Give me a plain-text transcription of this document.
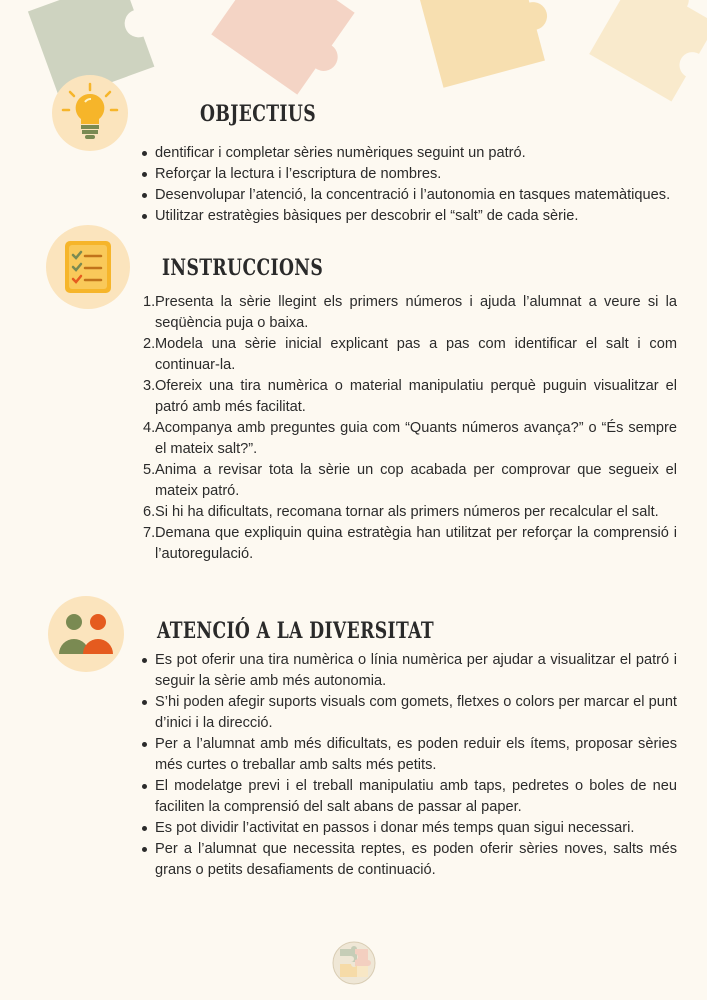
OBJECTIUS
dentificar i completar sèries numèriques seguint un patró.
Reforçar la lectura i l’escriptura de nombres.
Desenvolupar l’atenció, la concentració i l’autonomia en tasques matemàtiques.
Utilitzar estratègies bàsiques per descobrir el “salt” de cada sèrie.
INSTRUCCIONS
Presenta la sèrie llegint els primers números i ajuda l’alumnat a veure si la seqüència puja o baixa.
Modela una sèrie inicial explicant pas a pas com identificar el salt i com continuar-la.
Ofereix una tira numèrica o material manipulatiu perquè puguin visualitzar el patró amb més facilitat.
Acompanya amb preguntes guia com “Quants números avança?” o “És sempre el mateix salt?”.
Anima a revisar tota la sèrie un cop acabada per comprovar que segueix el mateix patró.
Si hi ha dificultats, recomana tornar als primers números per recalcular el salt.
Demana que expliquin quina estratègia han utilitzat per reforçar la comprensió i l’autoregulació.
ATENCIÓ A LA DIVERSITAT
Es pot oferir una tira numèrica o línia numèrica per ajudar a visualitzar el patró i seguir la sèrie amb més autonomia.
S’hi poden afegir suports visuals com gomets, fletxes o colors per marcar el punt d’inici i la direcció.
Per a l’alumnat amb més dificultats, es poden reduir els ítems, proposar sèries més curtes o treballar amb salts més petits.
El modelatge previ i el treball manipulatiu amb taps, pedretes o boles de neu faciliten la comprensió del salt abans de passar al paper.
Es pot dividir l’activitat en passos i donar més temps quan sigui necessari.
Per a l’alumnat que necessita reptes, es poden oferir sèries noves, salts més grans o petits desafiaments de continuació.
